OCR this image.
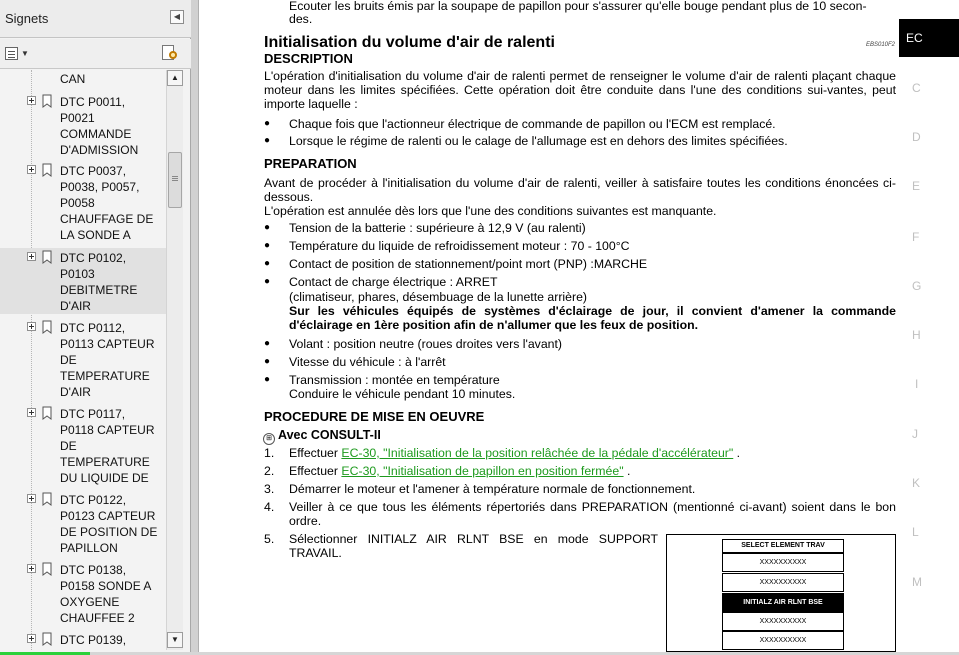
Signets	◀
▼
CAN
DTC P0011,
P0021
COMMANDE
D'ADMISSION
DTC P0037,
P0038, P0057,
P0058
CHAUFFAGE DE
LA SONDE A
DTC P0102,
P0103
DEBITMETRE
D'AIR
DTC P0112,
P0113 CAPTEUR
DE
TEMPERATURE
D'AIR
DTC P0117,
P0118 CAPTEUR
DE
TEMPERATURE
DU LIQUIDE DE
DTC P0122,
P0123 CAPTEUR
DE POSITION DE
PAPILLON
DTC P0138,
P0158 SONDE A
OXYGENE
CHAUFFEE 2
DTC P0139,
▲
▼
Ecouter les bruits émis par la soupape de papillon pour s'assurer qu'elle bouge pendant plus de 10 secon-
des.
Initialisation du volume d'air de ralenti	EBS010F2
DESCRIPTION
L'opération d'initialisation du volume d'air de ralenti permet de renseigner le volume d'air de ralenti plaçant chaque moteur dans les limites spécifiées. Cette opération doit être conduite dans l'une des conditions sui-vantes, peut importe laquelle :
● Chaque fois que l'actionneur électrique de commande de papillon ou l'ECM est remplacé.
● Lorsque le régime de ralenti ou le calage de l'allumage est en dehors des limites spécifiées.
PREPARATION
Avant de procéder à l'initialisation du volume d'air de ralenti, veiller à satisfaire toutes les conditions énoncées ci-dessous.
L'opération est annulée dès lors que l'une des conditions suivantes est manquante.
● Tension de la batterie : supérieure à 12,9 V (au ralenti)
● Température du liquide de refroidissement moteur : 70 - 100°C
● Contact de position de stationnement/point mort (PNP) :MARCHE
● Contact de charge électrique : ARRET
(climatiseur, phares, désembuage de la lunette arrière)
Sur les véhicules équipés de systèmes d'éclairage de jour, il convient d'amener la commande d'éclairage en 1ère position afin de n'allumer que les feux de position.
● Volant : position neutre (roues droites vers l'avant)
● Vitesse du véhicule : à l'arrêt
● Transmission : montée en température
Conduire le véhicule pendant 10 minutes.
PROCEDURE DE MISE EN OEUVRE
⊞ Avec CONSULT-II
1. Effectuer EC-30, "Initialisation de la position relâchée de la pédale d'accélérateur" .
2. Effectuer EC-30, "Initialisation de papillon en position fermée" .
3. Démarrer le moteur et l'amener à température normale de fonctionnement.
4. Veiller à ce que tous les éléments répertoriés dans PREPARATION (mentionné ci-avant) soient dans le bon ordre.
5. Sélectionner INITIALZ AIR RLNT BSE en mode SUPPORT TRAVAIL.
SELECT ELEMENT TRAV
XXXXXXXXXX
XXXXXXXXXX
INITIALZ AIR RLNT BSE
XXXXXXXXXX
XXXXXXXXXX
EC
C
D
E
F
G
H
I
J
K
L
M
